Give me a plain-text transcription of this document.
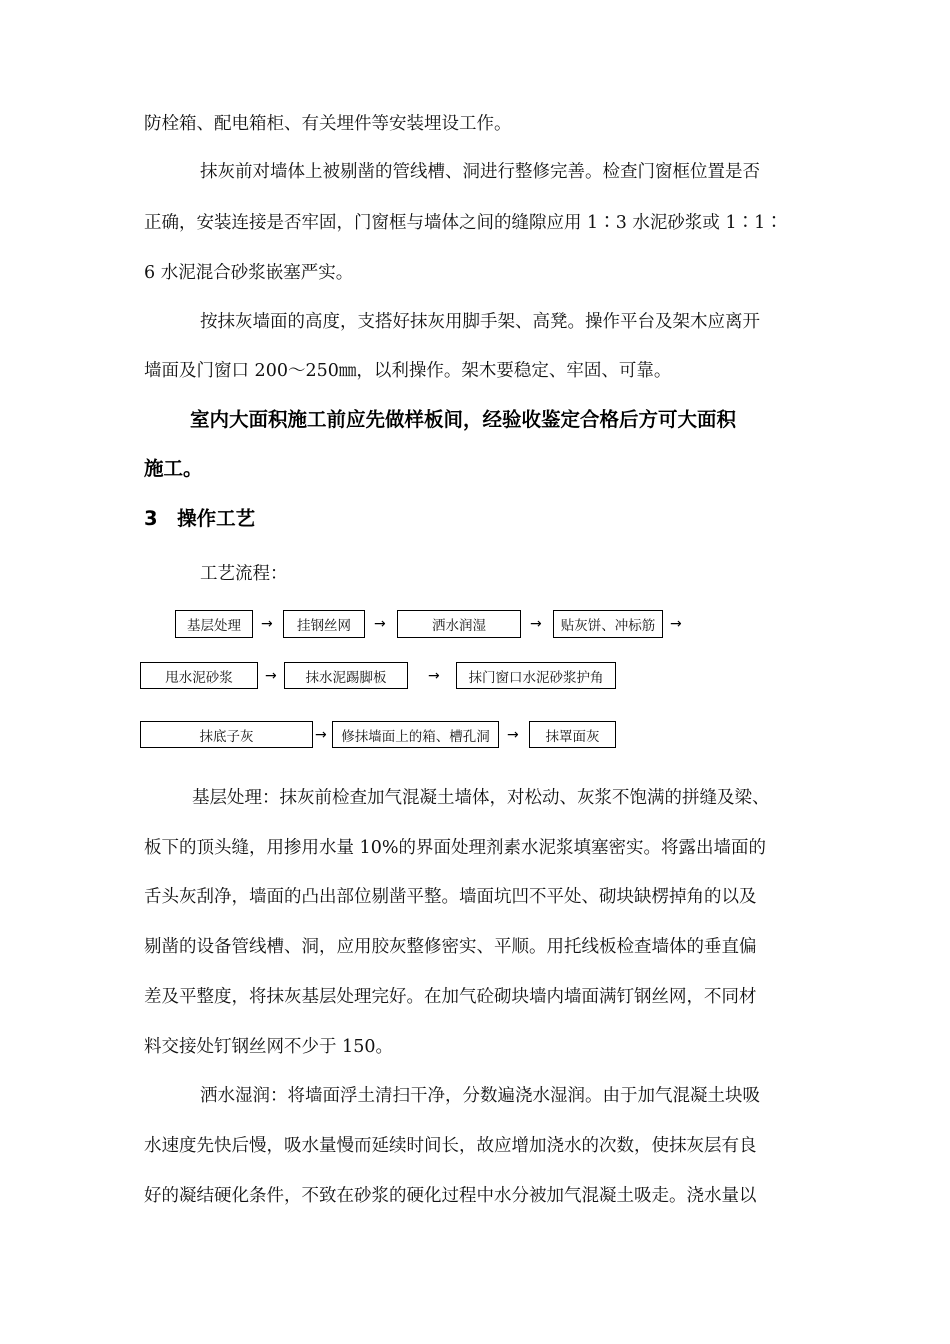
防栓箱、配电箱柜、有关埋件等安装埋设工作。
抹灰前对墙体上被剔凿的管线槽、洞进行整修完善。检查门窗框位置是否
正确，安装连接是否牢固，门窗框与墙体之间的缝隙应用 1∶3 水泥砂浆或 1∶1∶
6 水泥混合砂浆嵌塞严实。
按抹灰墙面的高度，支搭好抹灰用脚手架、高凳。操作平台及架木应离开
墙面及门窗口 200～250㎜，以利操作。架木要稳定、牢固、可靠。
室内大面积施工前应先做样板间，经验收鉴定合格后方可大面积
施工。
3　操作工艺
工艺流程：
基层处理	→	挂钢丝网	→	洒水润湿	→	贴灰饼、冲标筋	→
甩水泥砂浆	→	抹水泥踢脚板	→	抹门窗口水泥砂浆护角
抹底子灰	→	修抹墙面上的箱、槽孔洞	→	抹罩面灰
基层处理：抹灰前检查加气混凝土墙体，对松动、灰浆不饱满的拼缝及梁、
板下的顶头缝，用掺用水量 10%的界面处理剂素水泥浆填塞密实。将露出墙面的
舌头灰刮净，墙面的凸出部位剔凿平整。墙面坑凹不平处、砌块缺楞掉角的以及
剔凿的设备管线槽、洞，应用胶灰整修密实、平顺。用托线板检查墙体的垂直偏
差及平整度，将抹灰基层处理完好。在加气砼砌块墙内墙面满钉钢丝网，不同材
料交接处钉钢丝网不少于 150。
洒水湿润：将墙面浮土清扫干净，分数遍浇水湿润。由于加气混凝土块吸
水速度先快后慢，吸水量慢而延续时间长，故应增加浇水的次数，使抹灰层有良
好的凝结硬化条件，不致在砂浆的硬化过程中水分被加气混凝土吸走。浇水量以
